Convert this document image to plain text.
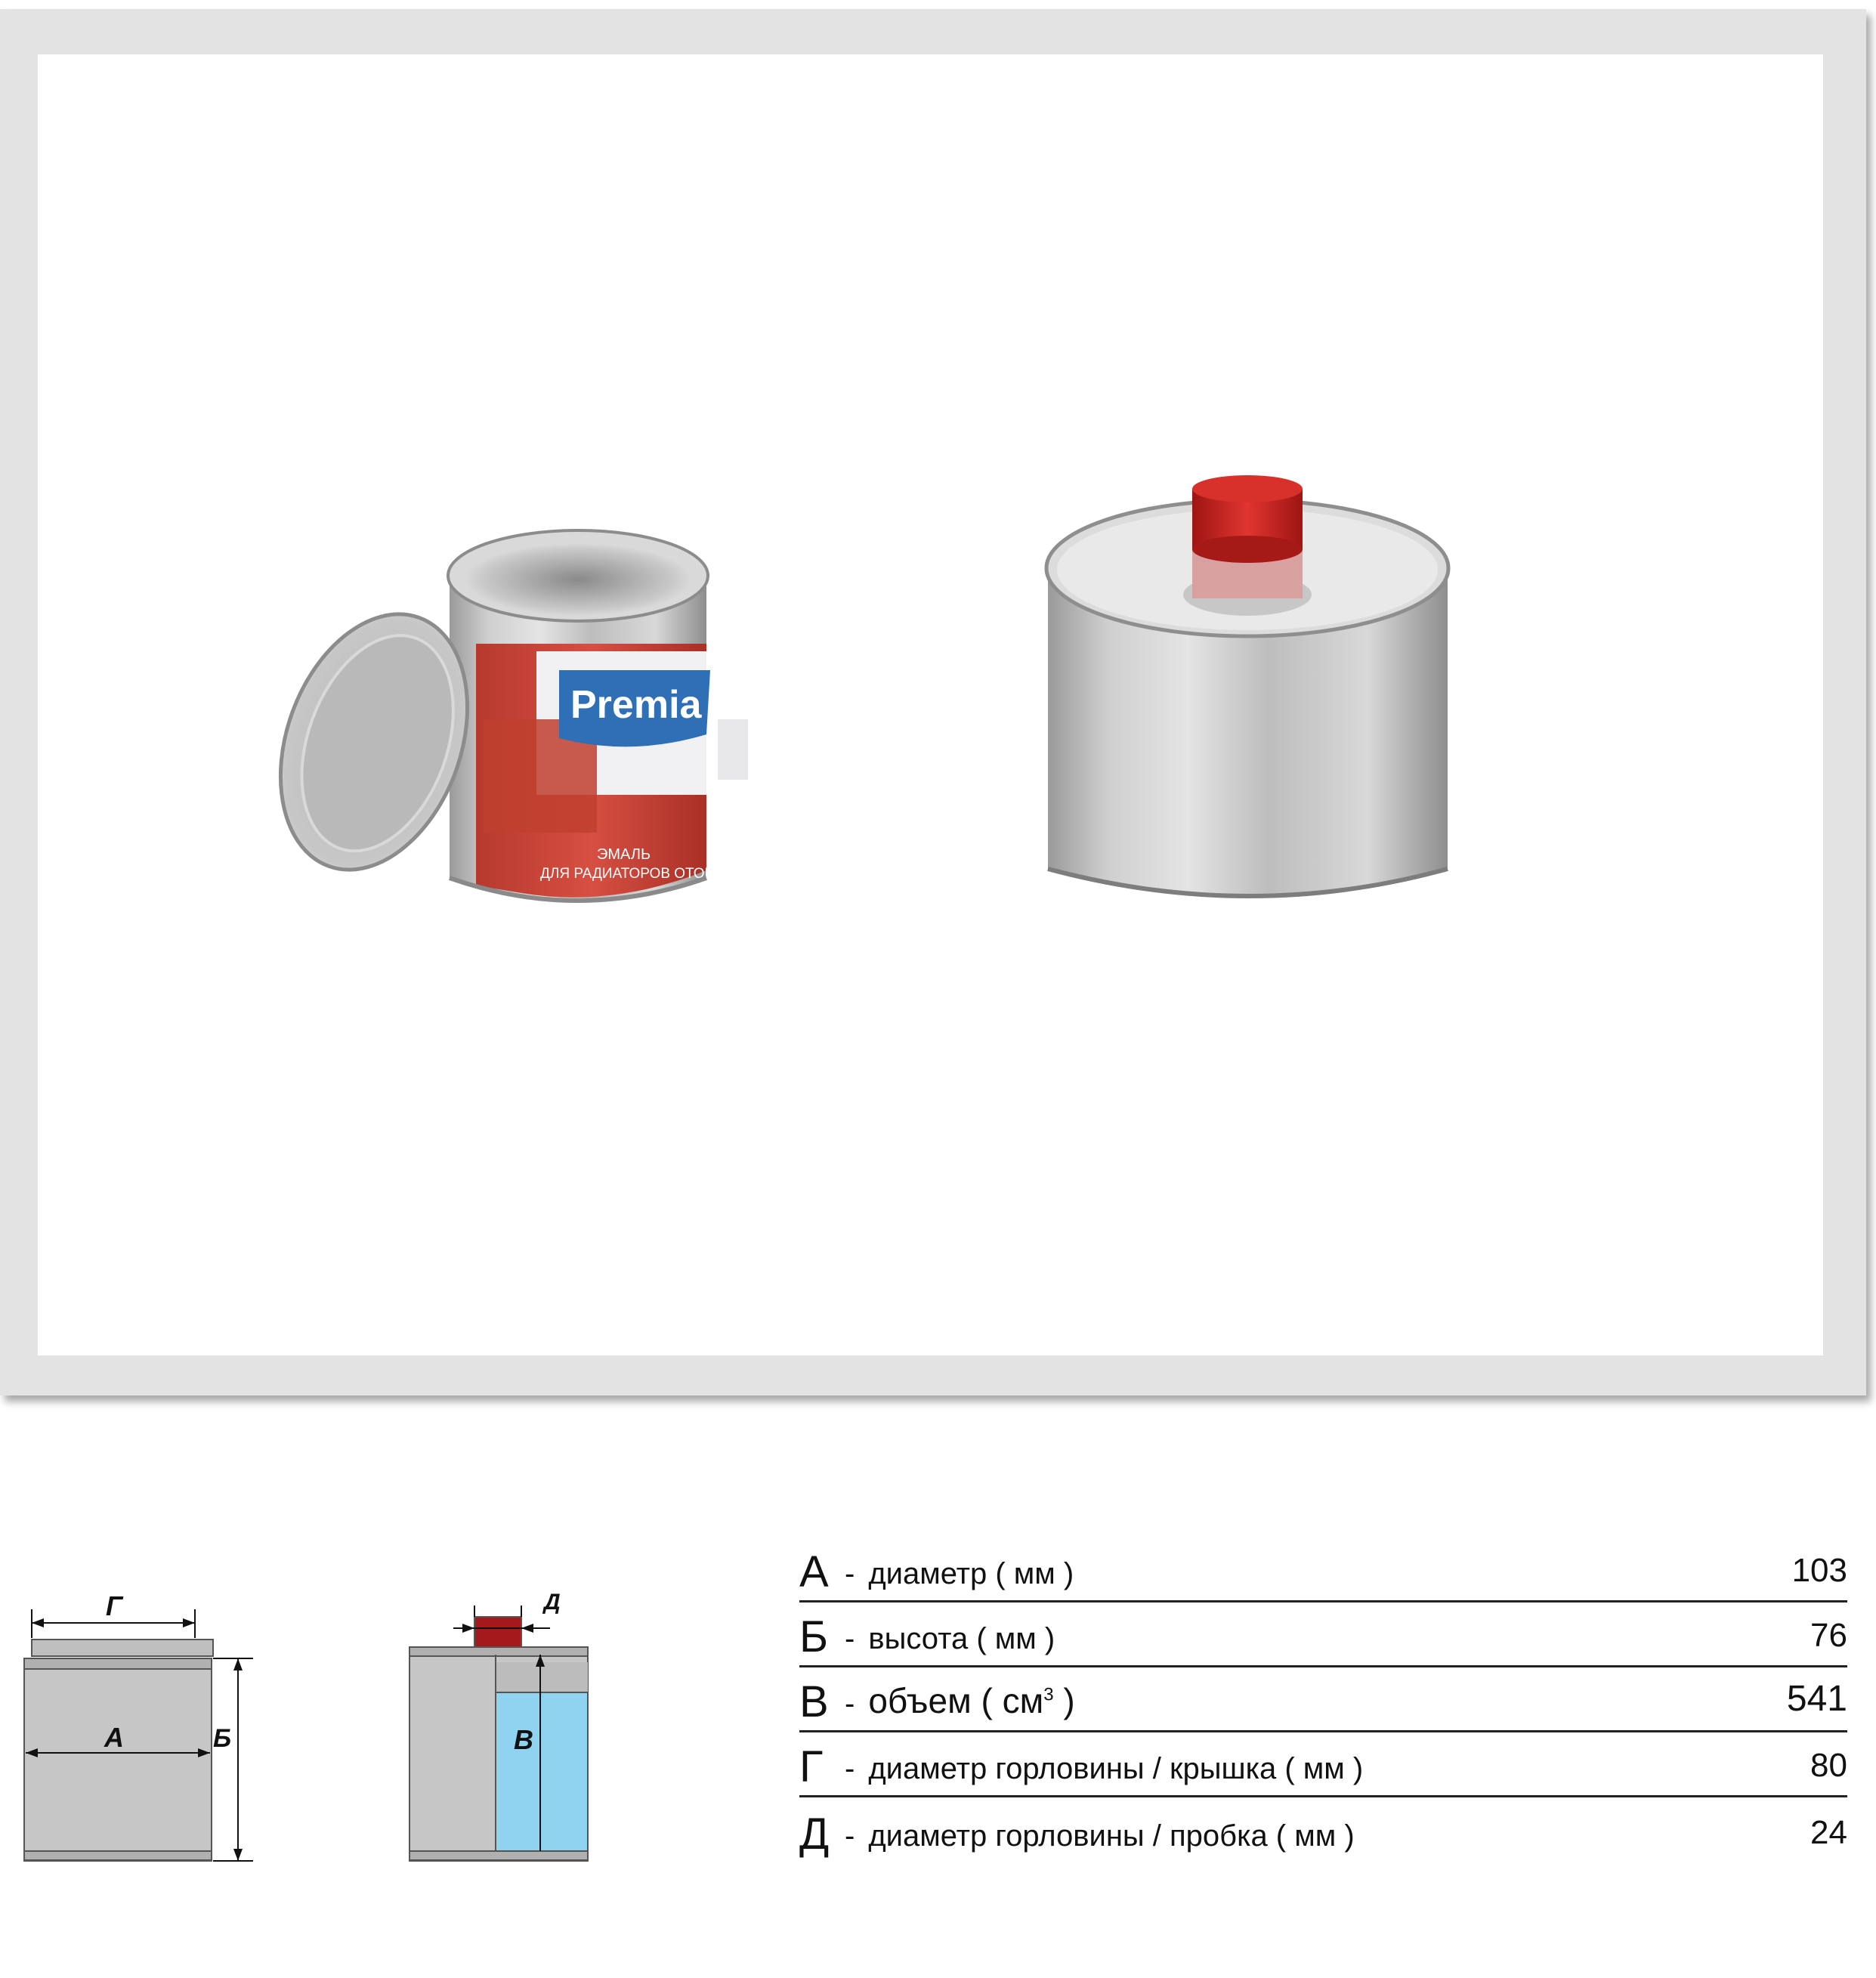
Premia
ЭМАЛЬ
ДЛЯ РАДИАТОРОВ ОТОПЛЕНИЯ
0,45 л
Г
А	Б
Д
В
А - диаметр ( мм )	103
Б - высота ( мм )	76
В - объем ( $см^3$ )	541
Г - диаметр горловины / крышка ( мм )	80
Д - диаметр горловины / пробка ( мм )	24
